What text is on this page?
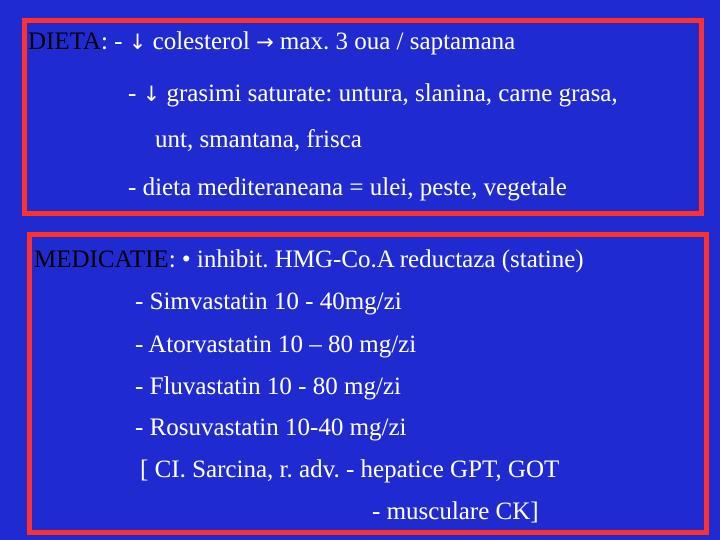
DIETA: - ↓ colesterol → max. 3 oua / saptamana
- ↓ grasimi saturate: untura, slanina, carne grasa,
unt, smantana, frisca
- dieta mediteraneana = ulei, peste, vegetale
MEDICATIE: • inhibit. HMG-Co.A reductaza (statine)
- Simvastatin 10 - 40mg/zi
- Atorvastatin 10 – 80 mg/zi
- Fluvastatin 10 - 80 mg/zi
- Rosuvastatin 10-40 mg/zi
[ CI. Sarcina, r. adv. - hepatice GPT, GOT
- musculare CK]
